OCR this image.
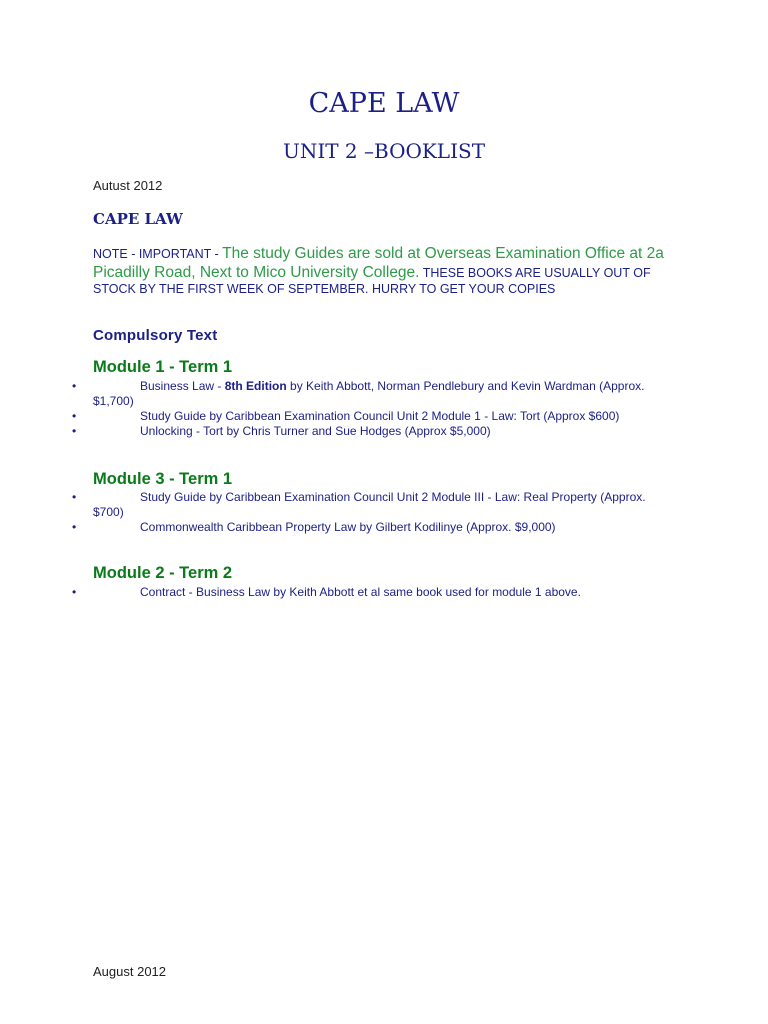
CAPE LAW
UNIT 2 –BOOKLIST
Autust 2012
CAPE LAW
NOTE - IMPORTANT - The study Guides are sold at Overseas Examination Office at 2a Picadilly Road, Next to Mico University College. THESE BOOKS ARE USUALLY OUT OF STOCK BY THE FIRST WEEK OF SEPTEMBER. HURRY TO GET YOUR COPIES
Compulsory Text
Module 1 - Term 1
•	Business Law - 8th Edition by Keith Abbott, Norman Pendlebury and Kevin Wardman (Approx. $1,700)
•	Study Guide by Caribbean Examination Council Unit 2 Module 1 - Law: Tort (Approx $600)
•	Unlocking - Tort by Chris Turner and Sue Hodges (Approx $5,000)
Module 3 - Term 1
•	Study Guide by Caribbean Examination Council Unit 2 Module III - Law: Real Property (Approx. $700)
•	Commonwealth Caribbean Property Law by Gilbert Kodilinye (Approx. $9,000)
Module 2 - Term 2
•	Contract - Business Law by Keith Abbott et al same book used for module 1 above.
August 2012
